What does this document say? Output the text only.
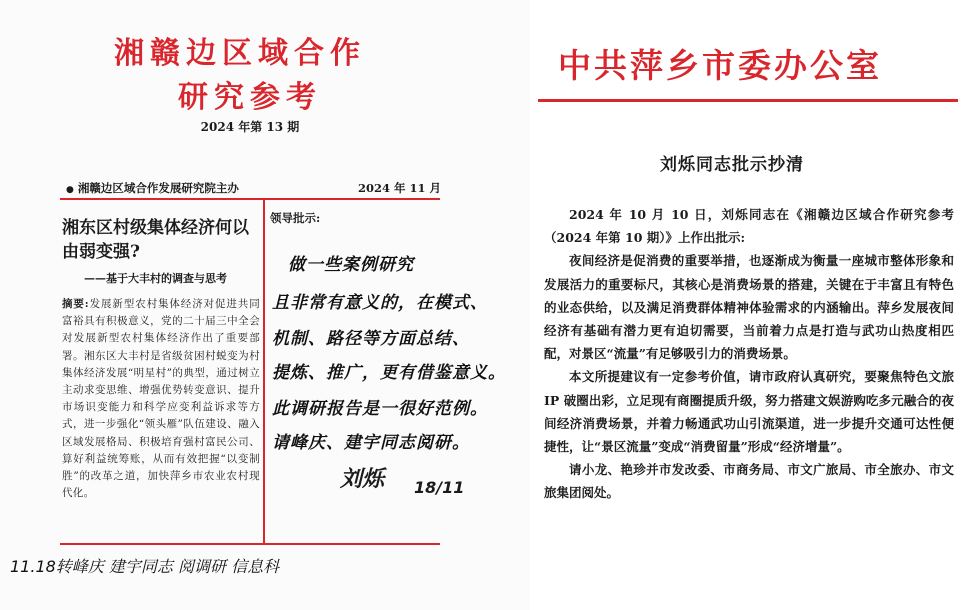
湘赣边区域合作
研究参考
2024 年第 13 期
● 湘赣边区域合作发展研究院主办	2024 年 11 月
湘东区村级集体经济何以由弱变强?
——基于大丰村的调查与思考
摘要:发展新型农村集体经济对促进共同富裕具有积极意义，党的二十届三中全会对发展新型农村集体经济作出了重要部署。湘东区大丰村是省级贫困村蜕变为村集体经济发展“明星村”的典型，通过树立主动求变思维、增强优势转变意识、提升市场识变能力和科学应变利益诉求等方式，进一步强化“领头雁”队伍建设、融入区域发展格局、积极培育强村富民公司、算好利益统筹账，从而有效把握“以变制胜”的改革之道，加快萍乡市农业农村现代化。
领导批示:
做一些案例研究
且非常有意义的，在模式、
机制、路径等方面总结、
提炼、推广，更有借鉴意义。
此调研报告是一很好范例。
请峰庆、建宇同志阅研。
刘烁 18/11
11.18转峰庆 建宇同志 阅调研 信息科
中共萍乡市委办公室
刘烁同志批示抄清

2024 年 10 月 10 日，刘烁同志在《湘赣边区域合作研究参考（2024 年第 10 期）》上作出批示:

夜间经济是促消费的重要举措，也逐渐成为衡量一座城市整体形象和发展活力的重要标尺，其核心是消费场景的搭建，关键在于丰富且有特色的业态供给，以及满足消费群体精神体验需求的内涵输出。萍乡发展夜间经济有基础有潜力更有迫切需要，当前着力点是打造与武功山热度相匹配，对景区“流量”有足够吸引力的消费场景。

本文所提建议有一定参考价值，请市政府认真研究，要聚焦特色文旅 IP 破圈出彩，立足现有商圈提质升级，努力搭建文娱游购吃多元融合的夜间经济消费场景，并着力畅通武功山引流渠道，进一步提升交通可达性便捷性，让“景区流量”变成“消费留量”形成“经济增量”。

请小龙、艳珍并市发改委、市商务局、市文广旅局、市全旅办、市文旅集团阅处。
